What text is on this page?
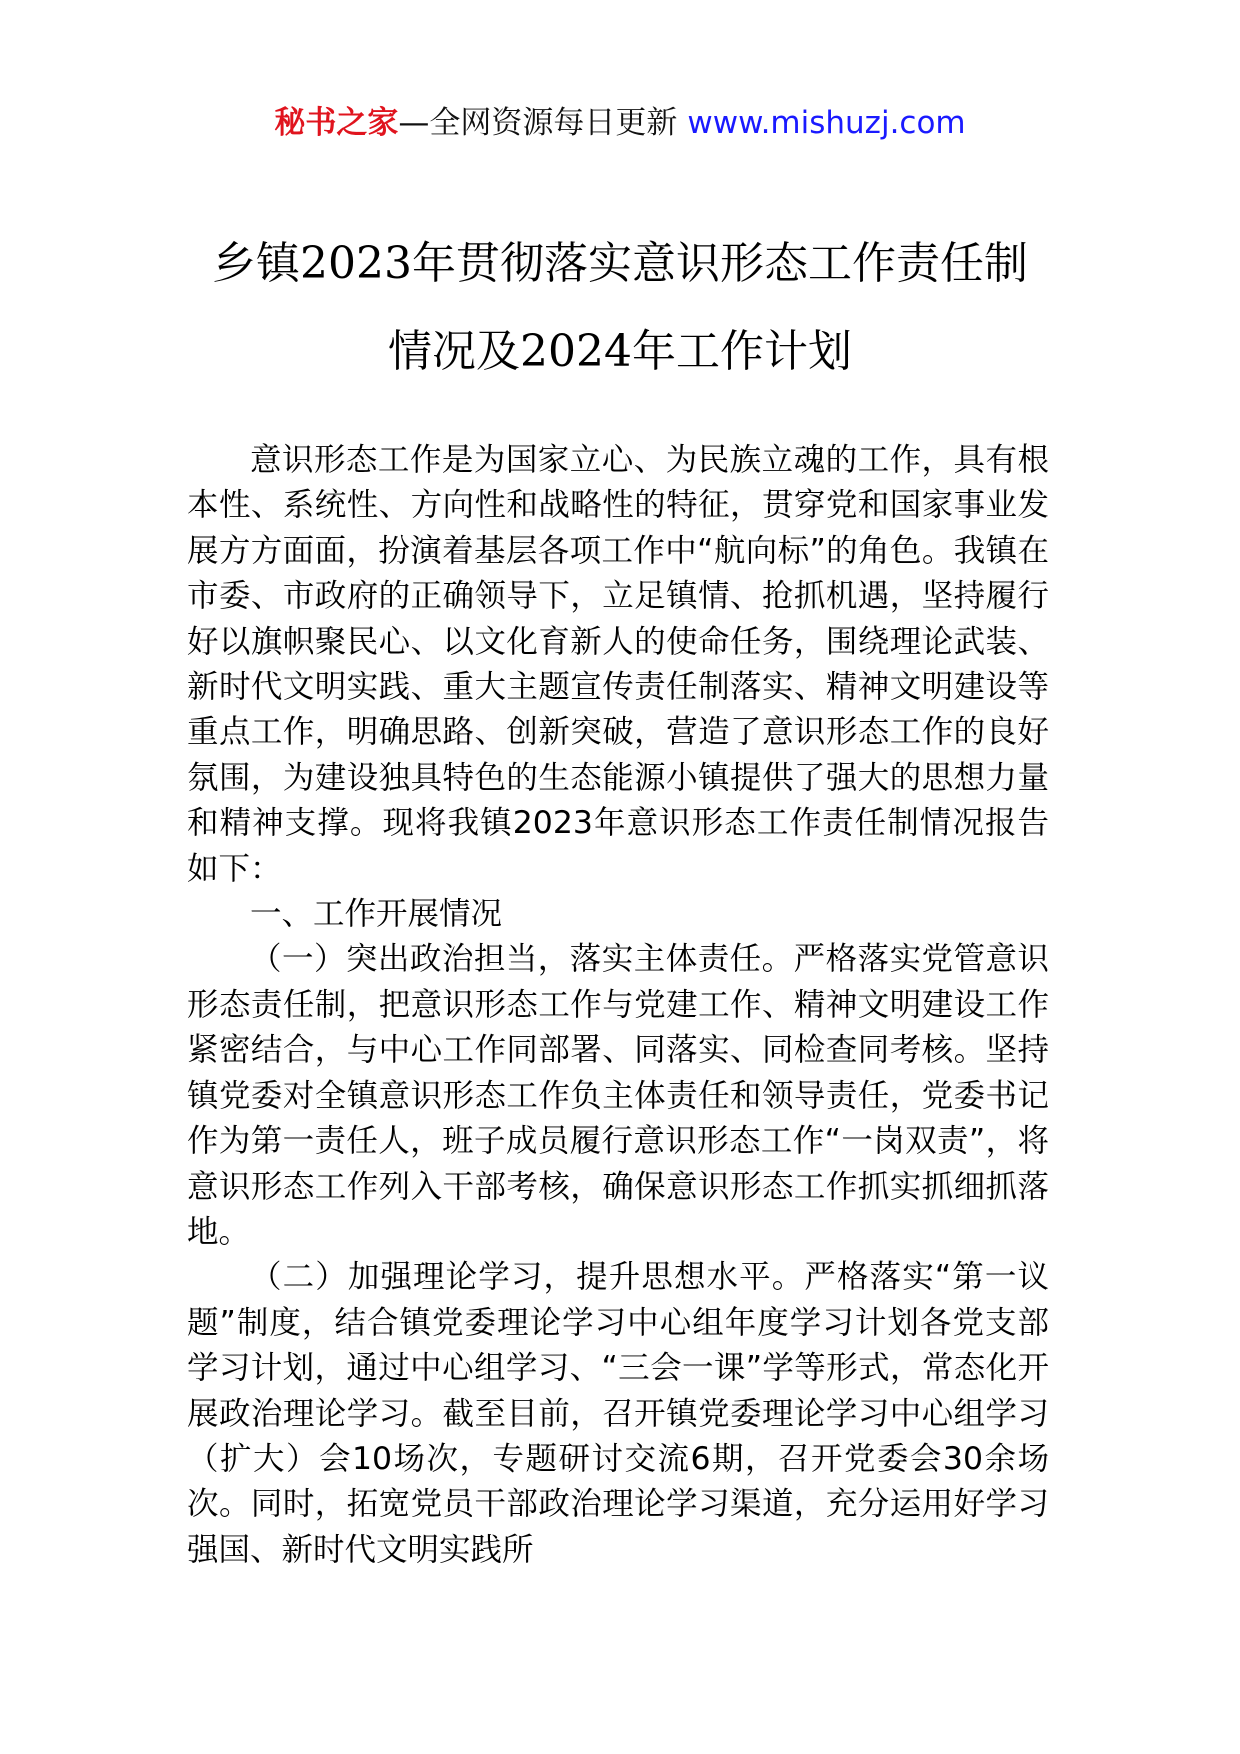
秘书之家—全网资源每日更新 www.mishuzj.com
乡镇2023年贯彻落实意识形态工作责任制
情况及2024年工作计划

意识形态工作是为国家立心、为民族立魂的工作，具有根本性、系统性、方向性和战略性的特征，贯穿党和国家事业发展方方面面，扮演着基层各项工作中“航向标”的角色。我镇在市委、市政府的正确领导下，立足镇情、抢抓机遇，坚持履行好以旗帜聚民心、以文化育新人的使命任务，围绕理论武装、新时代文明实践、重大主题宣传责任制落实、精神文明建设等重点工作，明确思路、创新突破，营造了意识形态工作的良好氛围，为建设独具特色的生态能源小镇提供了强大的思想力量和精神支撑。现将我镇2023年意识形态工作责任制情况报告如下：

一、工作开展情况

（一）突出政治担当，落实主体责任。严格落实党管意识形态责任制，把意识形态工作与党建工作、精神文明建设工作紧密结合，与中心工作同部署、同落实、同检查同考核。坚持镇党委对全镇意识形态工作负主体责任和领导责任，党委书记作为第一责任人，班子成员履行意识形态工作“一岗双责”，将意识形态工作列入干部考核，确保意识形态工作抓实抓细抓落地。

（二）加强理论学习，提升思想水平。严格落实“第一议题”制度，结合镇党委理论学习中心组年度学习计划各党支部学习计划，通过中心组学习、“三会一课”学等形式，常态化开展政治理论学习。截至目前，召开镇党委理论学习中心组学习（扩大）会10场次，专题研讨交流6期，召开党委会30余场次。同时，拓宽党员干部政治理论学习渠道，充分运用好学习强国、新时代文明实践所
